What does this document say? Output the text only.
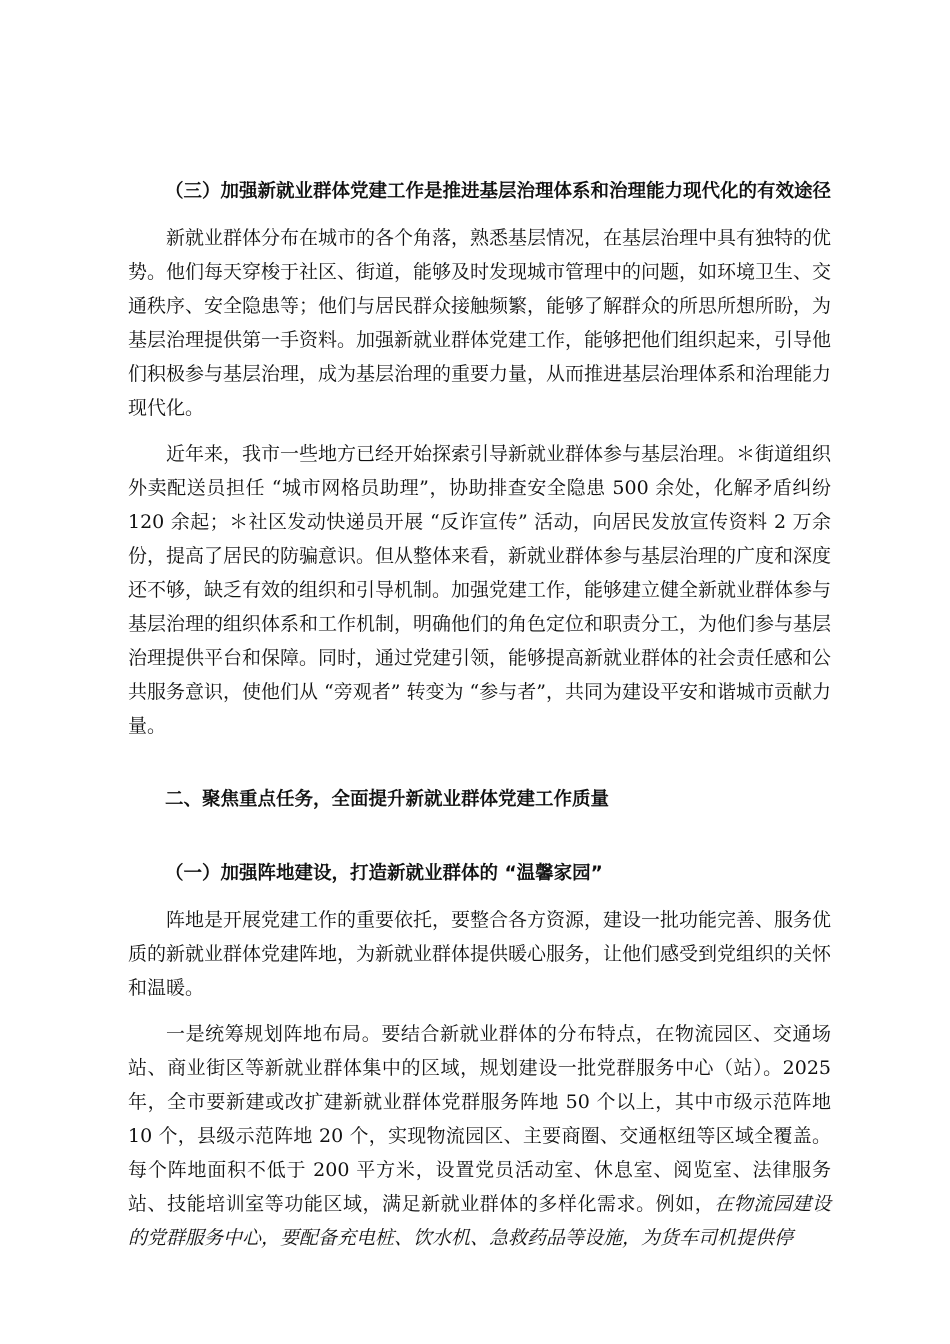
（三）加强新就业群体党建工作是推进基层治理体系和治理能力现代化的有效途径

新就业群体分布在城市的各个角落，熟悉基层情况，在基层治理中具有独特的优势。他们每天穿梭于社区、街道，能够及时发现城市管理中的问题，如环境卫生、交通秩序、安全隐患等；他们与居民群众接触频繁，能够了解群众的所思所想所盼，为基层治理提供第一手资料。加强新就业群体党建工作，能够把他们组织起来，引导他们积极参与基层治理，成为基层治理的重要力量，从而推进基层治理体系和治理能力现代化。

近年来，我市一些地方已经开始探索引导新就业群体参与基层治理。＊街道组织外卖配送员担任 “城市网格员助理”，协助排查安全隐患 500 余处，化解矛盾纠纷 120 余起；＊社区发动快递员开展 “反诈宣传” 活动，向居民发放宣传资料 2 万余份，提高了居民的防骗意识。但从整体来看，新就业群体参与基层治理的广度和深度还不够，缺乏有效的组织和引导机制。加强党建工作，能够建立健全新就业群体参与基层治理的组织体系和工作机制，明确他们的角色定位和职责分工，为他们参与基层治理提供平台和保障。同时，通过党建引领，能够提高新就业群体的社会责任感和公共服务意识，使他们从 “旁观者” 转变为 “参与者”，共同为建设平安和谐城市贡献力量。

二、聚焦重点任务，全面提升新就业群体党建工作质量

（一）加强阵地建设，打造新就业群体的 “温馨家园”

阵地是开展党建工作的重要依托，要整合各方资源，建设一批功能完善、服务优质的新就业群体党建阵地，为新就业群体提供暖心服务，让他们感受到党组织的关怀和温暖。

一是统筹规划阵地布局。要结合新就业群体的分布特点，在物流园区、交通场站、商业街区等新就业群体集中的区域，规划建设一批党群服务中心（站）。2025 年，全市要新建或改扩建新就业群体党群服务阵地 50 个以上，其中市级示范阵地 10 个，县级示范阵地 20 个，实现物流园区、主要商圈、交通枢纽等区域全覆盖。每个阵地面积不低于 200 平方米，设置党员活动室、休息室、阅览室、法律服务站、技能培训室等功能区域，满足新就业群体的多样化需求。例如，在物流园建设的党群服务中心，要配备充电桩、饮水机、急救药品等设施，为货车司机提供停
